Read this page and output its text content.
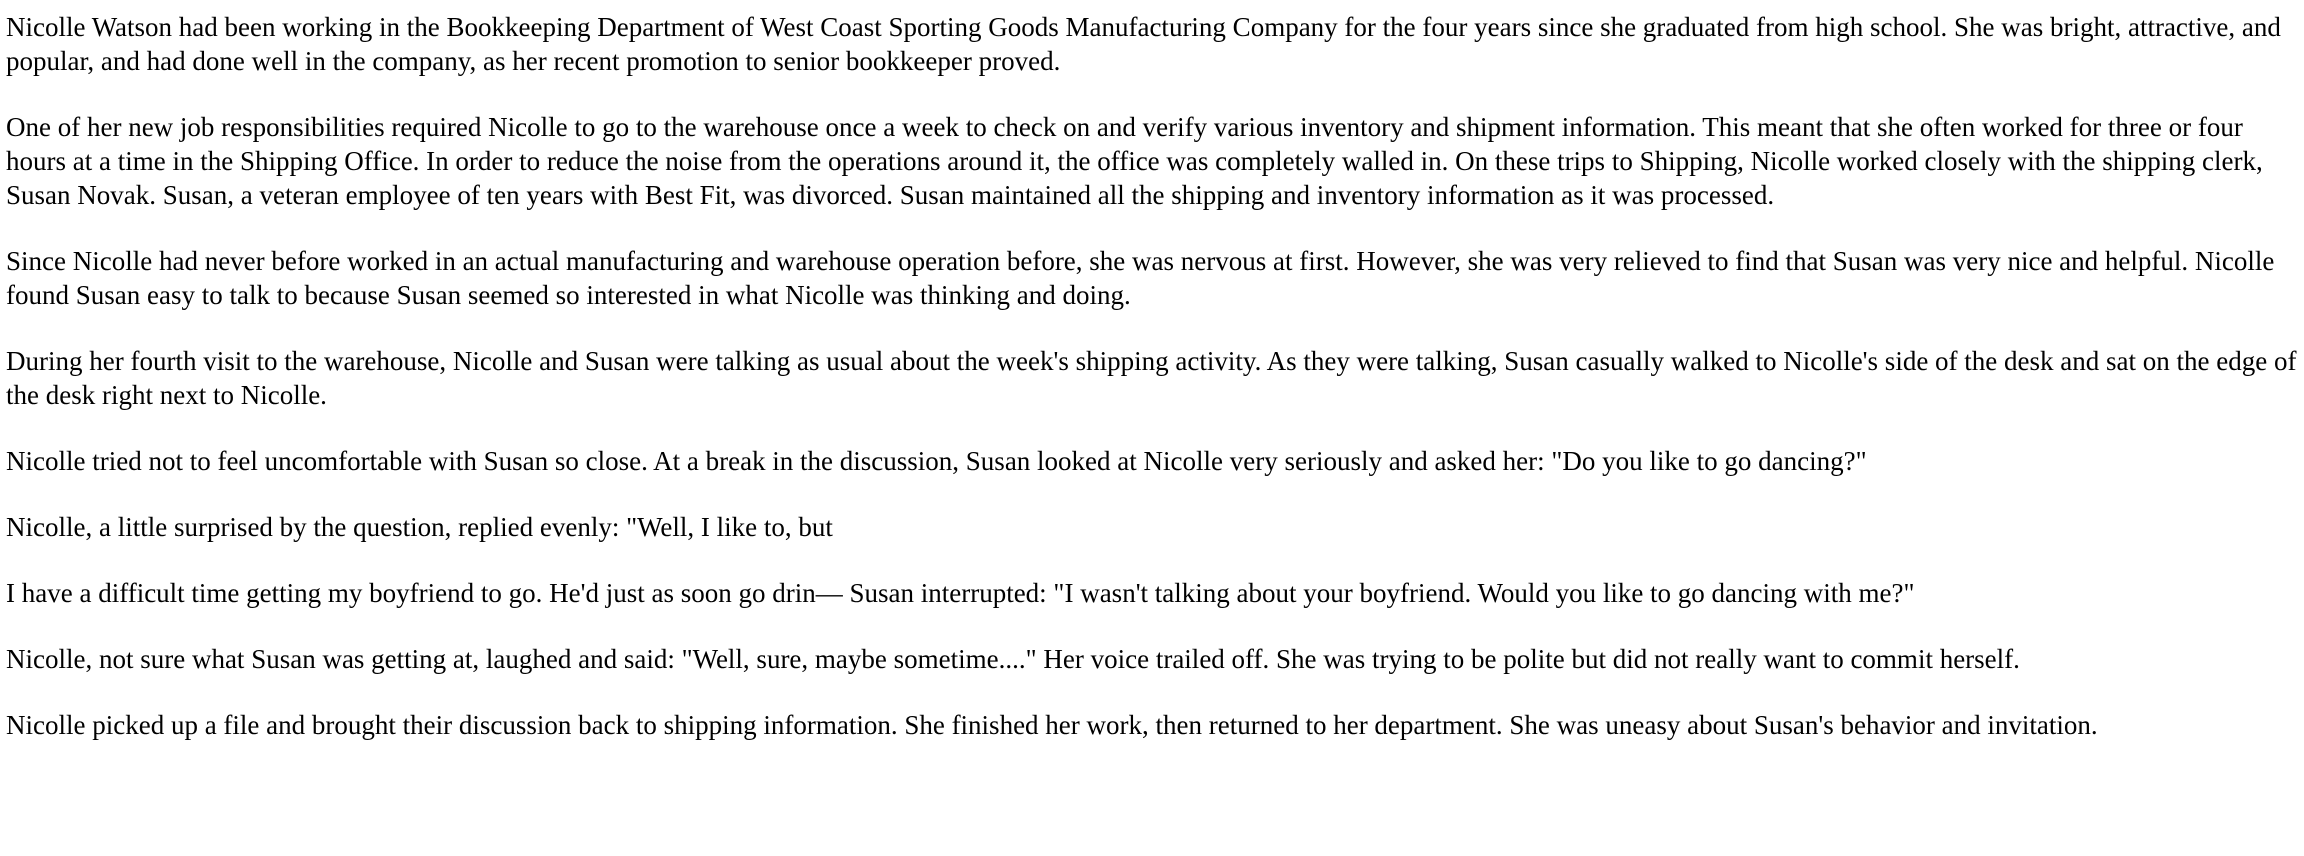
Nicolle Watson had been working in the Bookkeeping Department of West Coast Sporting Goods Manufacturing Company for the four years since she graduated from high school. She was bright, attractive, and popular, and had done well in the company, as her recent promotion to senior bookkeeper proved.

One of her new job responsibilities required Nicolle to go to the warehouse once a week to check on and verify various inventory and shipment information. This meant that she often worked for three or four hours at a time in the Shipping Office. In order to reduce the noise from the operations around it, the office was completely walled in. On these trips to Shipping, Nicolle worked closely with the shipping clerk, Susan Novak. Susan, a veteran employee of ten years with Best Fit, was divorced. Susan maintained all the shipping and inventory information as it was processed.

Since Nicolle had never before worked in an actual manufacturing and warehouse operation before, she was nervous at first. However, she was very relieved to find that Susan was very nice and helpful. Nicolle found Susan easy to talk to because Susan seemed so interested in what Nicolle was thinking and doing.

During her fourth visit to the warehouse, Nicolle and Susan were talking as usual about the week's shipping activity. As they were talking, Susan casually walked to Nicolle's side of the desk and sat on the edge of the desk right next to Nicolle.

Nicolle tried not to feel uncomfortable with Susan so close. At a break in the discussion, Susan looked at Nicolle very seriously and asked her: "Do you like to go dancing?"

Nicolle, a little surprised by the question, replied evenly: "Well, I like to, but

I have a difficult time getting my boyfriend to go. He'd just as soon go drin— Susan interrupted: "I wasn't talking about your boyfriend. Would you like to go dancing with me?"

Nicolle, not sure what Susan was getting at, laughed and said: "Well, sure, maybe sometime...." Her voice trailed off. She was trying to be polite but did not really want to commit herself.

Nicolle picked up a file and brought their discussion back to shipping information. She finished her work, then returned to her department. She was uneasy about Susan's behavior and invitation.
